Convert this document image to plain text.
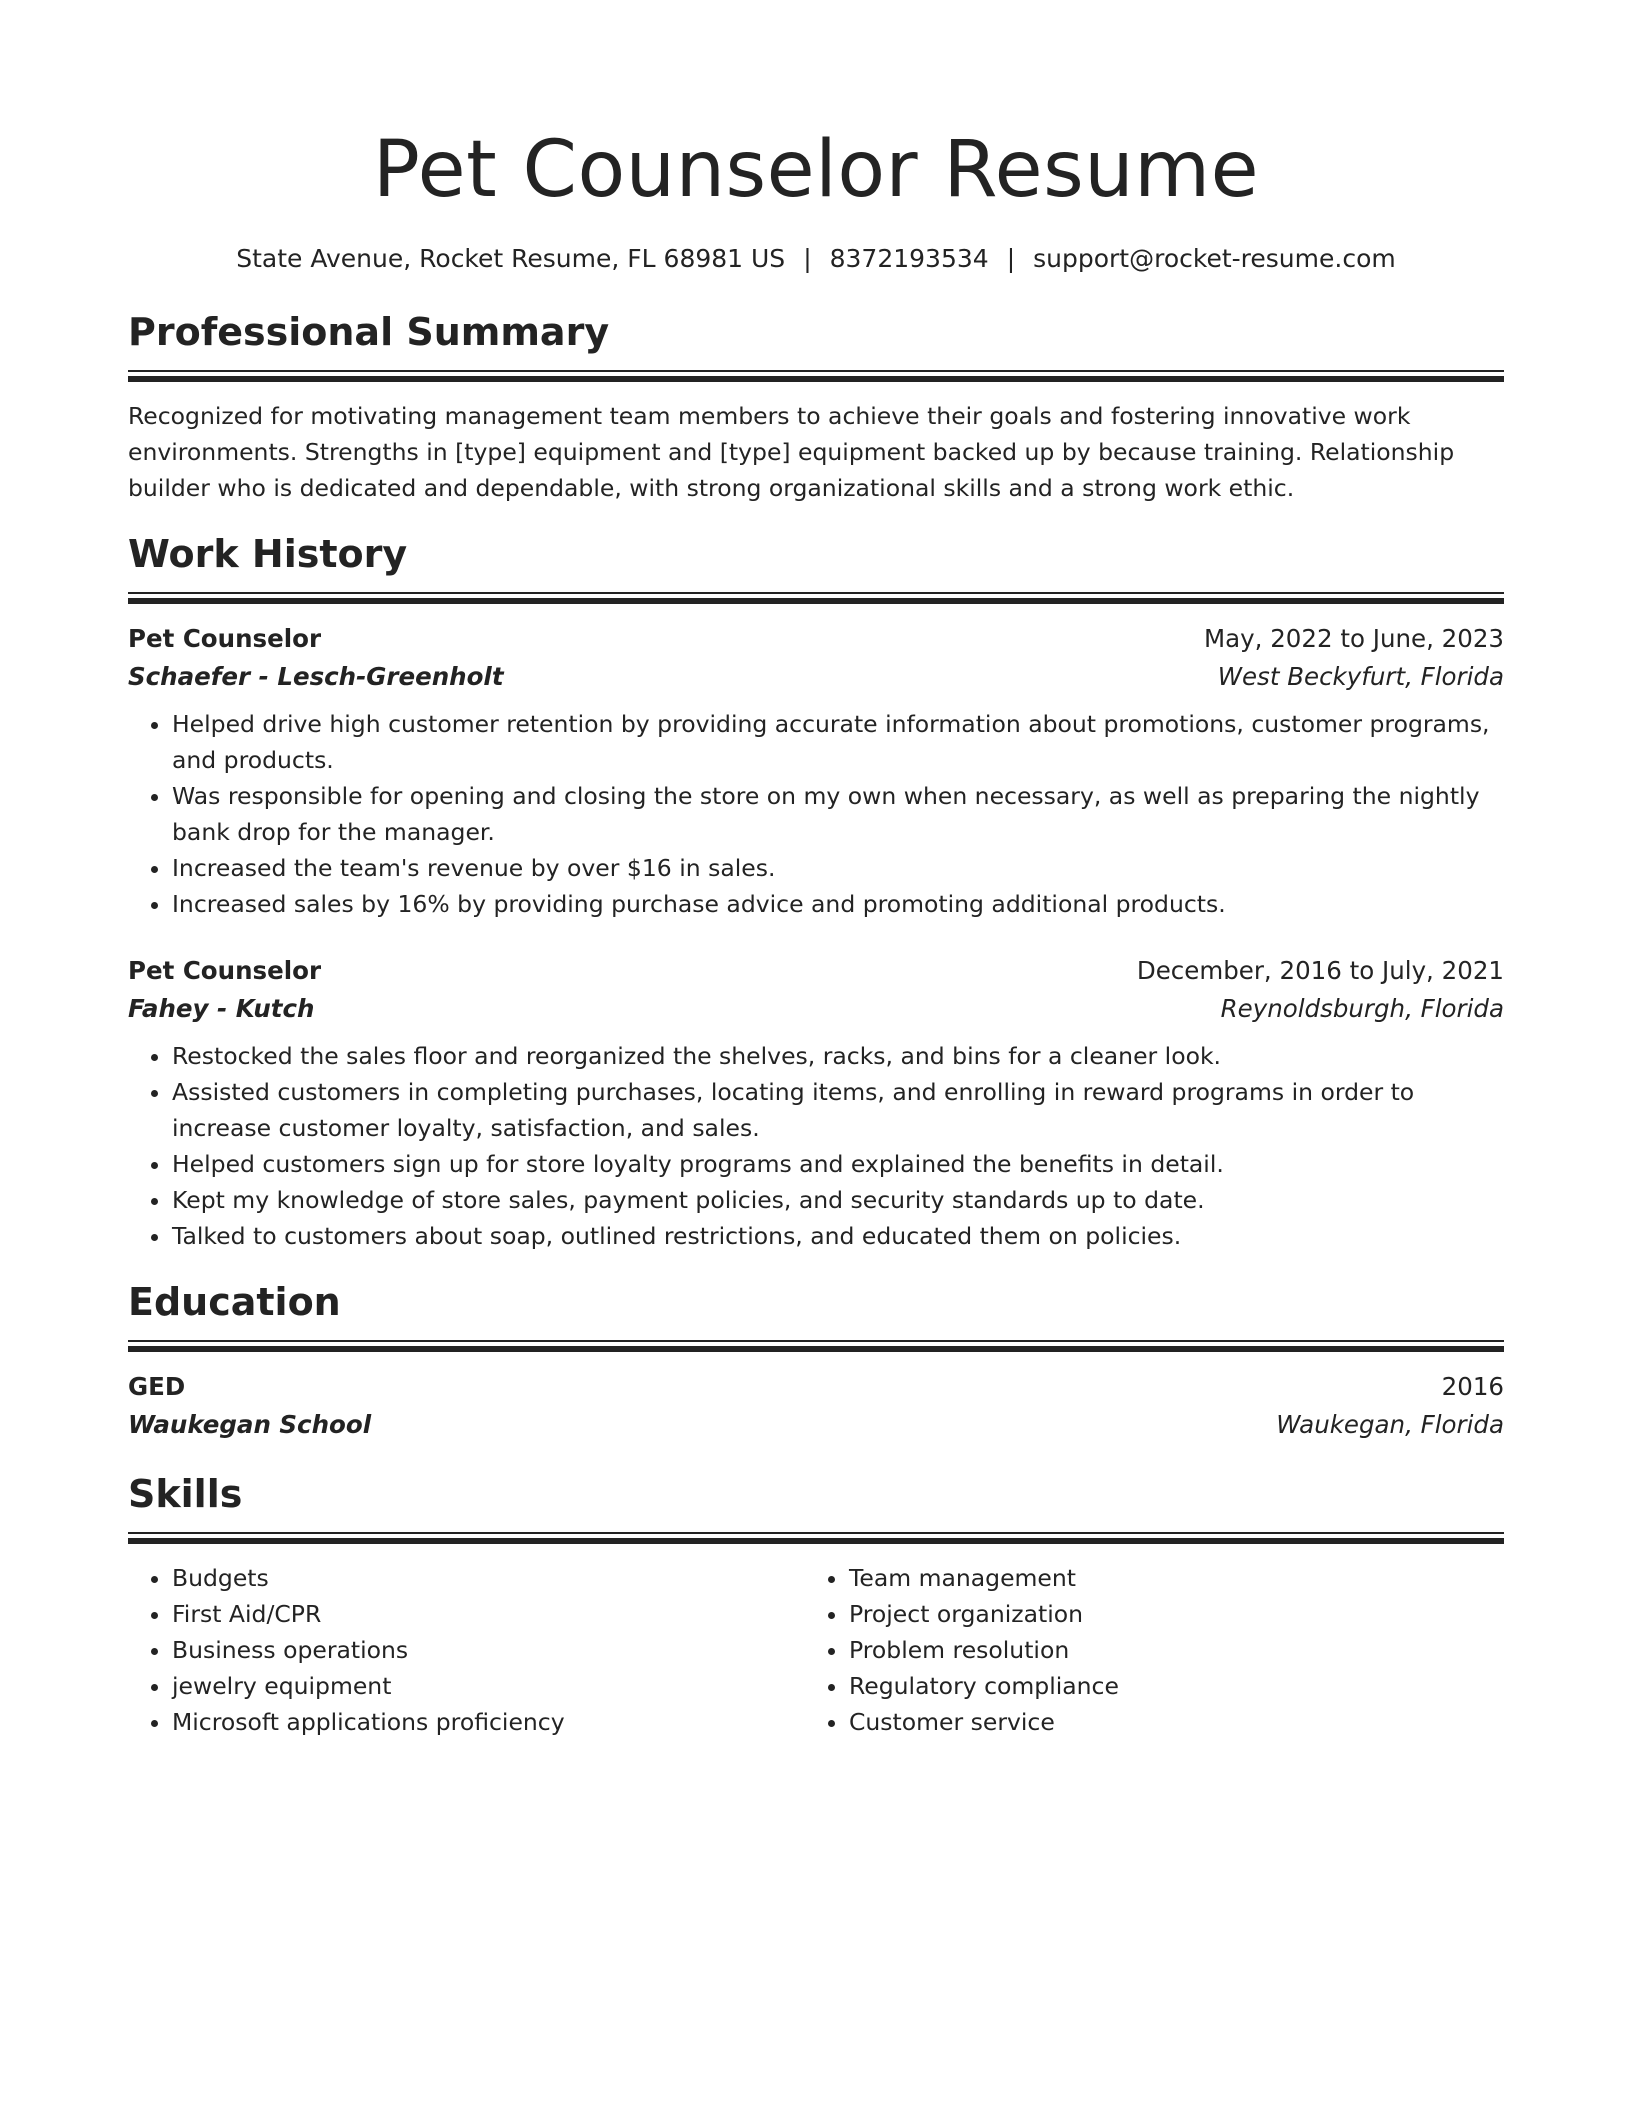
Pet Counselor Resume
State Avenue, Rocket Resume, FL 68981 US | 8372193534 | support@rocket-resume.com
Professional Summary
Recognized for motivating management team members to achieve their goals and fostering innovative work environments. Strengths in [type] equipment and [type] equipment backed up by because training. Relationship builder who is dedicated and dependable, with strong organizational skills and a strong work ethic.
Work History
Pet Counselor	May, 2022 to June, 2023
Schaefer - Lesch-Greenholt	West Beckyfurt, Florida
• Helped drive high customer retention by providing accurate information about promotions, customer programs, and products.
• Was responsible for opening and closing the store on my own when necessary, as well as preparing the nightly bank drop for the manager.
• Increased the team's revenue by over $16 in sales.
• Increased sales by 16% by providing purchase advice and promoting additional products.
Pet Counselor	December, 2016 to July, 2021
Fahey - Kutch	Reynoldsburgh, Florida
• Restocked the sales floor and reorganized the shelves, racks, and bins for a cleaner look.
• Assisted customers in completing purchases, locating items, and enrolling in reward programs in order to increase customer loyalty, satisfaction, and sales.
• Helped customers sign up for store loyalty programs and explained the benefits in detail.
• Kept my knowledge of store sales, payment policies, and security standards up to date.
• Talked to customers about soap, outlined restrictions, and educated them on policies.
Education
GED	2016
Waukegan School	Waukegan, Florida
Skills
• Budgets
• First Aid/CPR
• Business operations
• jewelry equipment
• Microsoft applications proficiency
• Team management
• Project organization
• Problem resolution
• Regulatory compliance
• Customer service
